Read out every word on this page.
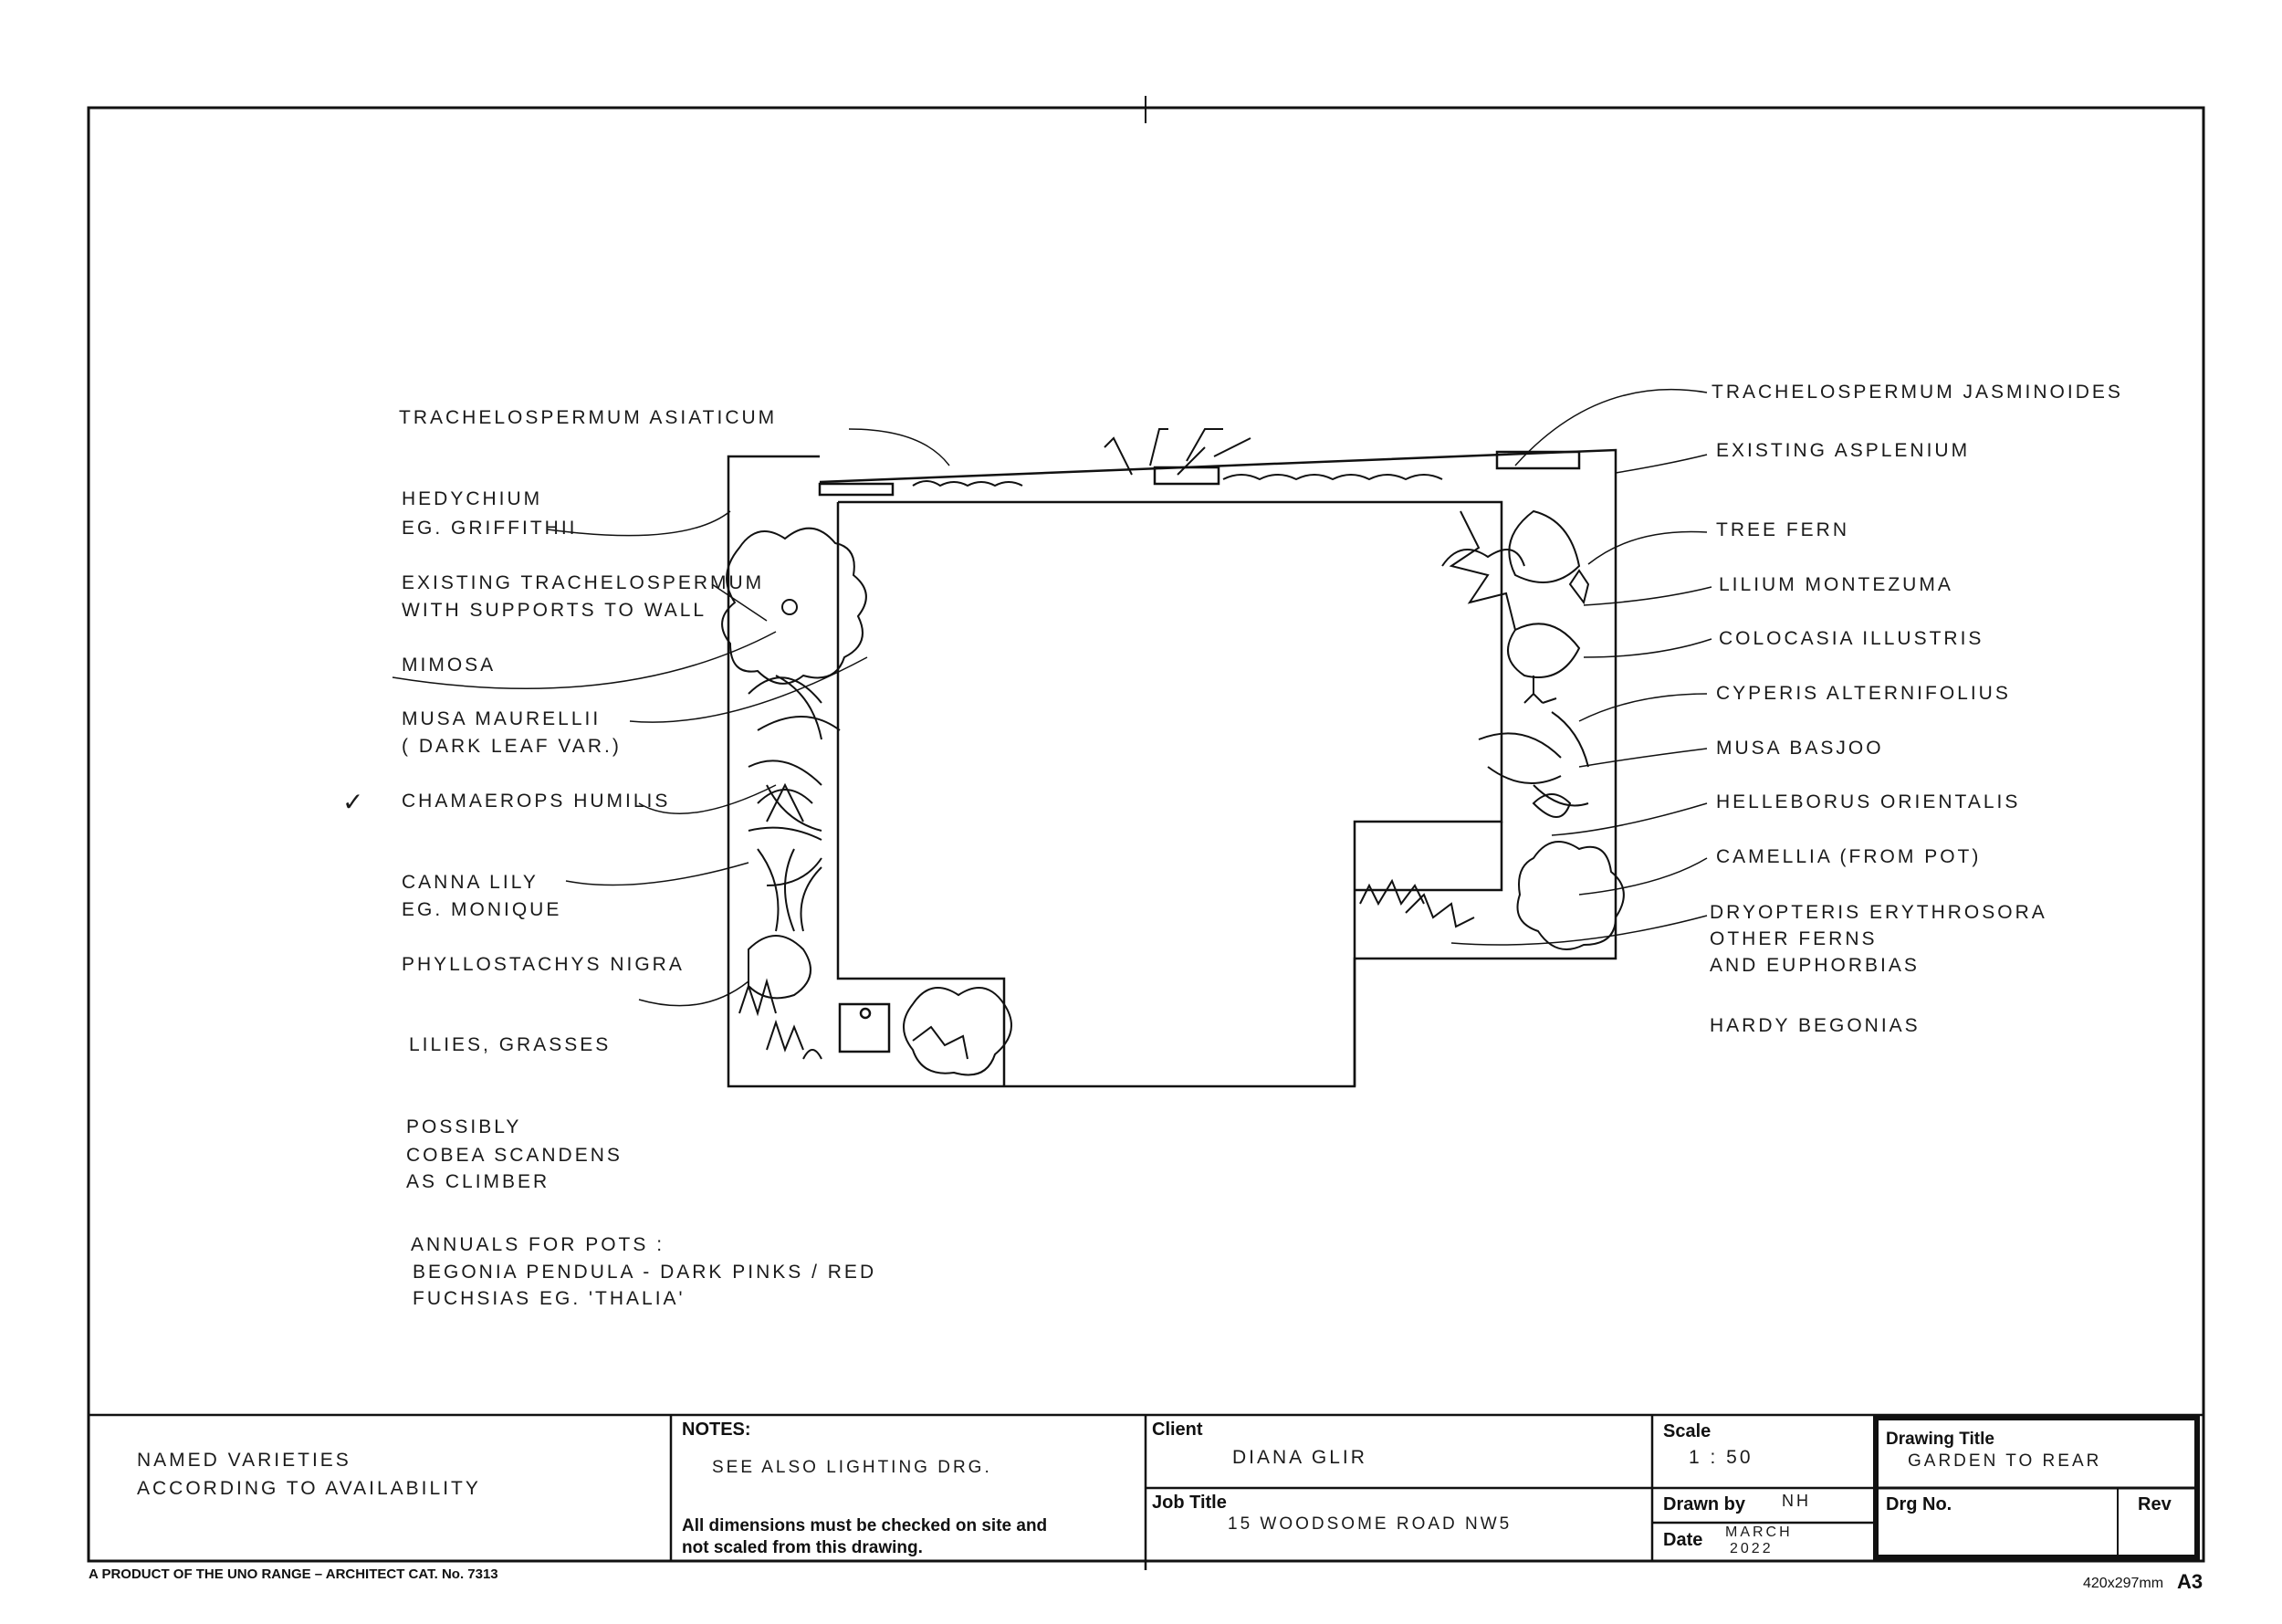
TRACHELOSPERMUM ASIATICUM
HEDYCHIUM
EG. GRIFFITHII
EXISTING TRACHELOSPERMUM
WITH SUPPORTS TO WALL
MIMOSA
MUSA MAURELLII
( DARK LEAF VAR.)
✓ CHAMAEROPS HUMILIS
CANNA LILY
EG. MONIQUE
PHYLLOSTACHYS NIGRA
LILIES, GRASSES
POSSIBLY
COBEA SCANDENS
AS CLIMBER
ANNUALS FOR POTS :
BEGONIA PENDULA - DARK PINKS / RED
FUCHSIAS EG. 'THALIA'
TRACHELOSPERMUM JASMINOIDES
EXISTING ASPLENIUM
TREE FERN
LILIUM MONTEZUMA
COLOCASIA ILLUSTRIS
CYPERIS ALTERNIFOLIUS
MUSA BASJOO
HELLEBORUS ORIENTALIS
CAMELLIA (FROM POT)
DRYOPTERIS ERYTHROSORA
OTHER FERNS
AND EUPHORBIAS
HARDY BEGONIAS
NAMED VARIETIES
ACCORDING TO AVAILABILITY
NOTES:
SEE ALSO LIGHTING DRG.
All dimensions must be checked on site and
not scaled from this drawing.
Client
DIANA GLIR
Job Title
15 WOODSOME ROAD NW5
Scale
1 : 50
Drawn by NH
Date MARCH
2022
Drawing Title
GARDEN TO REAR
Drg No.	Rev
A PRODUCT OF THE UNO RANGE – ARCHITECT CAT. No. 7313
420x297mm A3
